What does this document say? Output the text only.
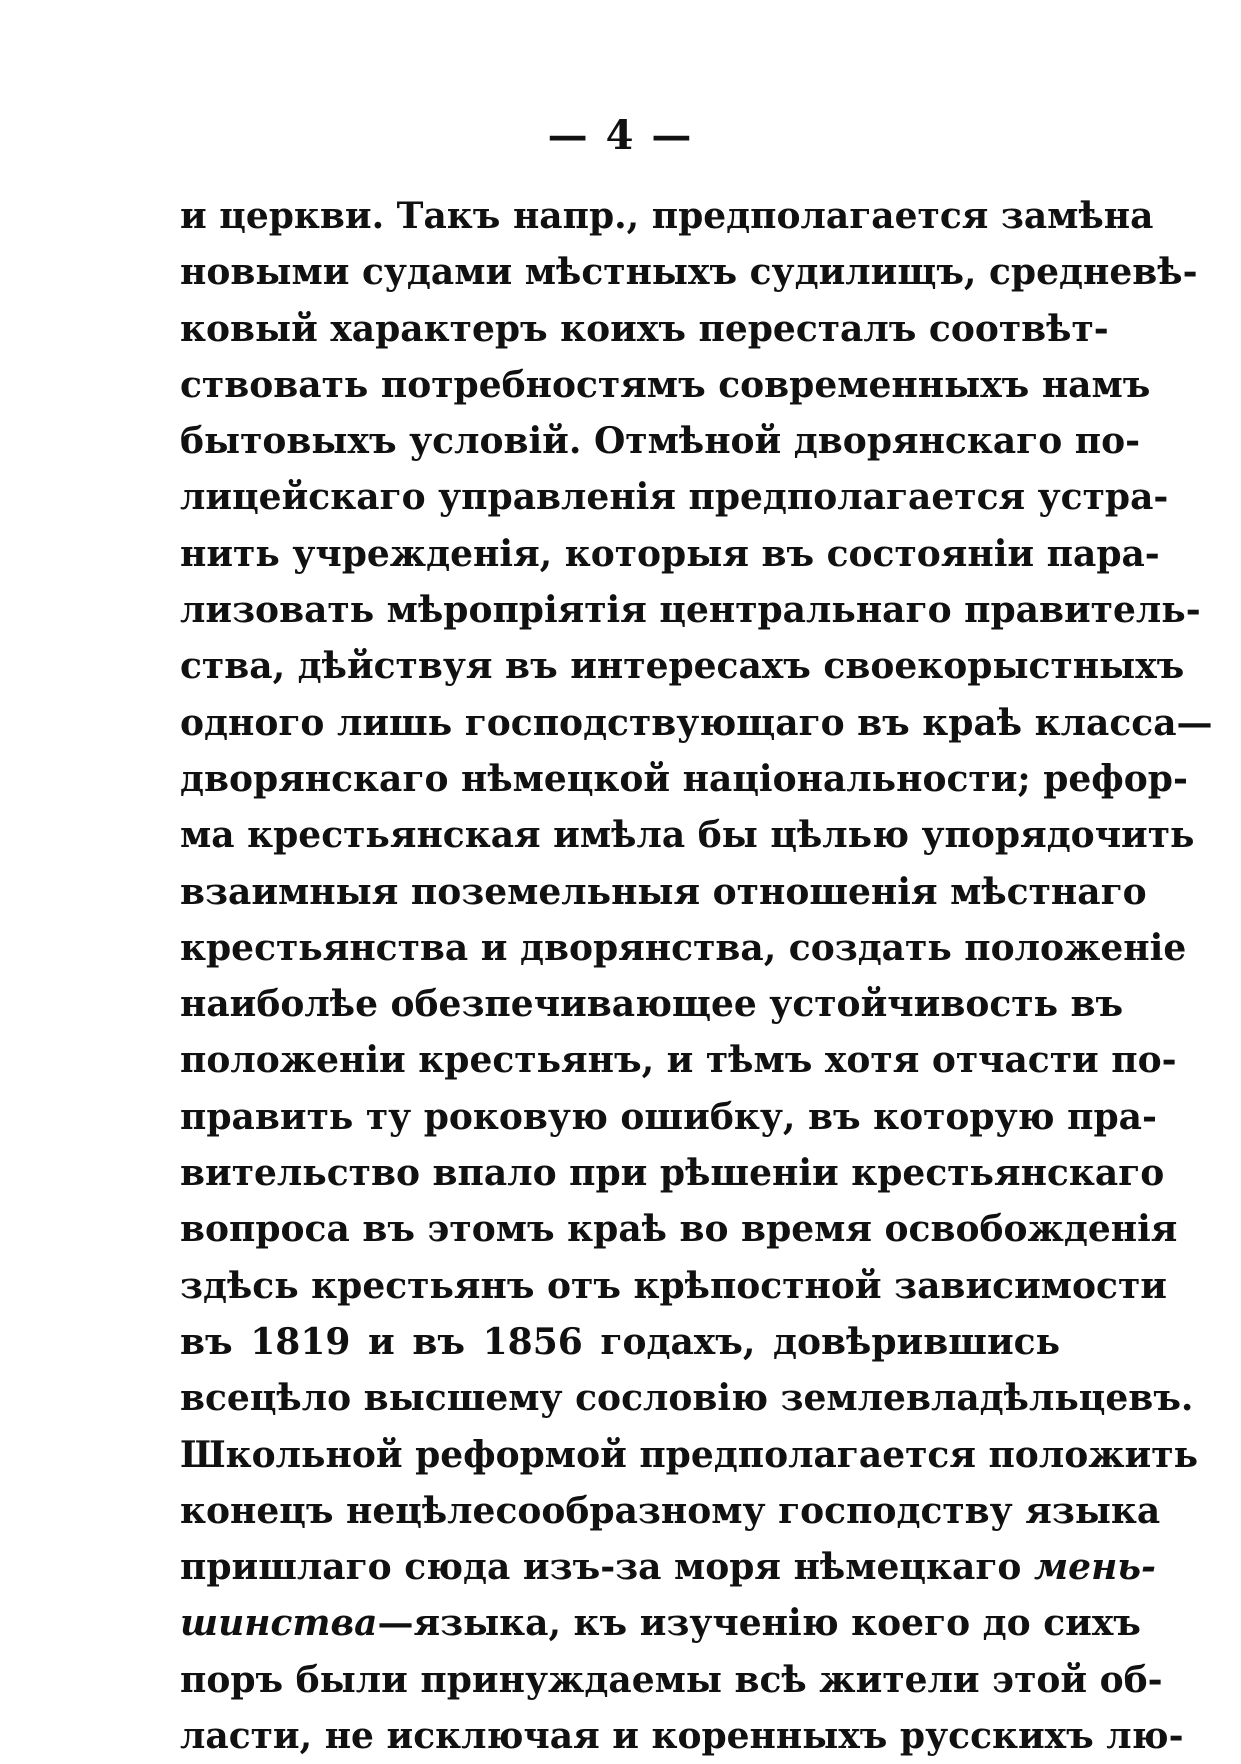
— 4 —
и церкви. Такъ напр., предполагается замѣна
новыми судами мѣстныхъ судилищъ, средневѣ-
ковый характеръ коихъ пересталъ соотвѣт-
ствовать потребностямъ современныхъ намъ
бытовыхъ условій. Отмѣной дворянскаго по-
лицейскаго управленія предполагается устра-
нить учрежденія, которыя въ состояніи пара-
лизовать мѣропріятія центральнаго правитель-
ства, дѣйствуя въ интересахъ своекорыстныхъ
одного лишь господствующаго въ краѣ класса—
дворянскаго нѣмецкой національности; рефор-
ма крестьянская имѣла бы цѣлью упорядочить
взаимныя поземельныя отношенія мѣстнаго
крестьянства и дворянства, создать положеніе
наиболѣе обезпечивающее устойчивость въ
положеніи крестьянъ, и тѣмъ хотя отчасти по-
править ту роковую ошибку, въ которую пра-
вительство впало при рѣшеніи крестьянскаго
вопроса въ этомъ краѣ во время освобожденія
здѣсь крестьянъ отъ крѣпостной зависимости
въ 1819 и въ 1856 годахъ, довѣрившись
всецѣло высшему сословію землевладѣльцевъ.
Школьной реформой предполагается положить
конецъ нецѣлесообразному господству языка
пришлаго сюда изъ-за моря нѣмецкаго мень-
шинства—языка, къ изученію коего до сихъ
поръ были принуждаемы всѣ жители этой об-
ласти, не исключая и коренныхъ русскихъ лю-
